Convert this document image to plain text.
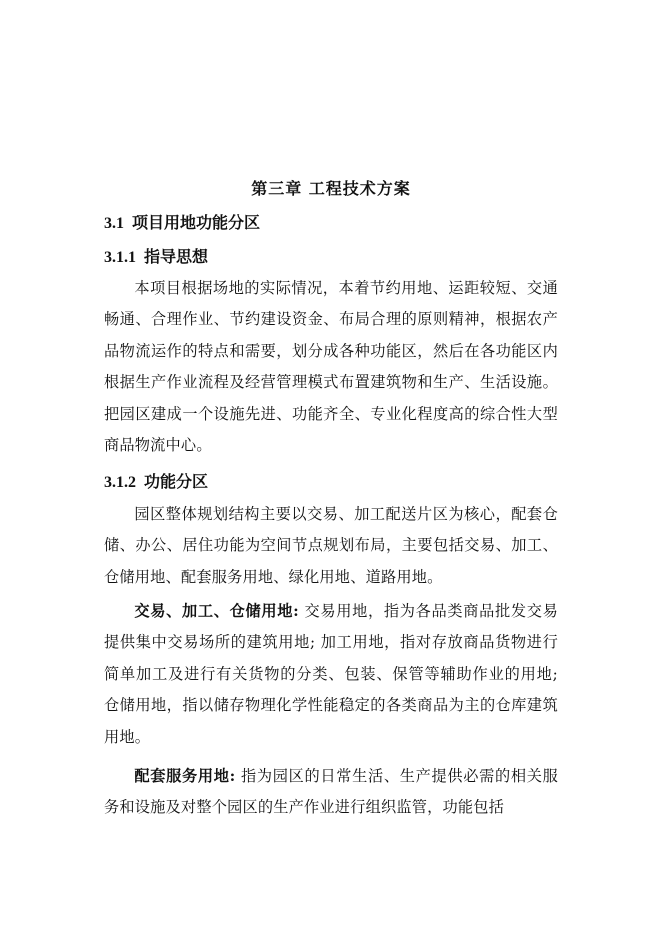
第三章 工程技术方案
3.1 项目用地功能分区
3.1.1 指导思想
本项目根据场地的实际情况，本着节约用地、运距较短、交通畅通、合理作业、节约建设资金、布局合理的原则精神，根据农产品物流运作的特点和需要，划分成各种功能区，然后在各功能区内根据生产作业流程及经营管理模式布置建筑物和生产、生活设施。把园区建成一个设施先进、功能齐全、专业化程度高的综合性大型商品物流中心。
3.1.2 功能分区
园区整体规划结构主要以交易、加工配送片区为核心，配套仓储、办公、居住功能为空间节点规划布局，主要包括交易、加工、仓储用地、配套服务用地、绿化用地、道路用地。
交易、加工、仓储用地: 交易用地，指为各品类商品批发交易提供集中交易场所的建筑用地; 加工用地，指对存放商品货物进行简单加工及进行有关货物的分类、包装、保管等辅助作业的用地; 仓储用地，指以储存物理化学性能稳定的各类商品为主的仓库建筑用地。
配套服务用地: 指为园区的日常生活、生产提供必需的相关服务和设施及对整个园区的生产作业进行组织监管，功能包括
